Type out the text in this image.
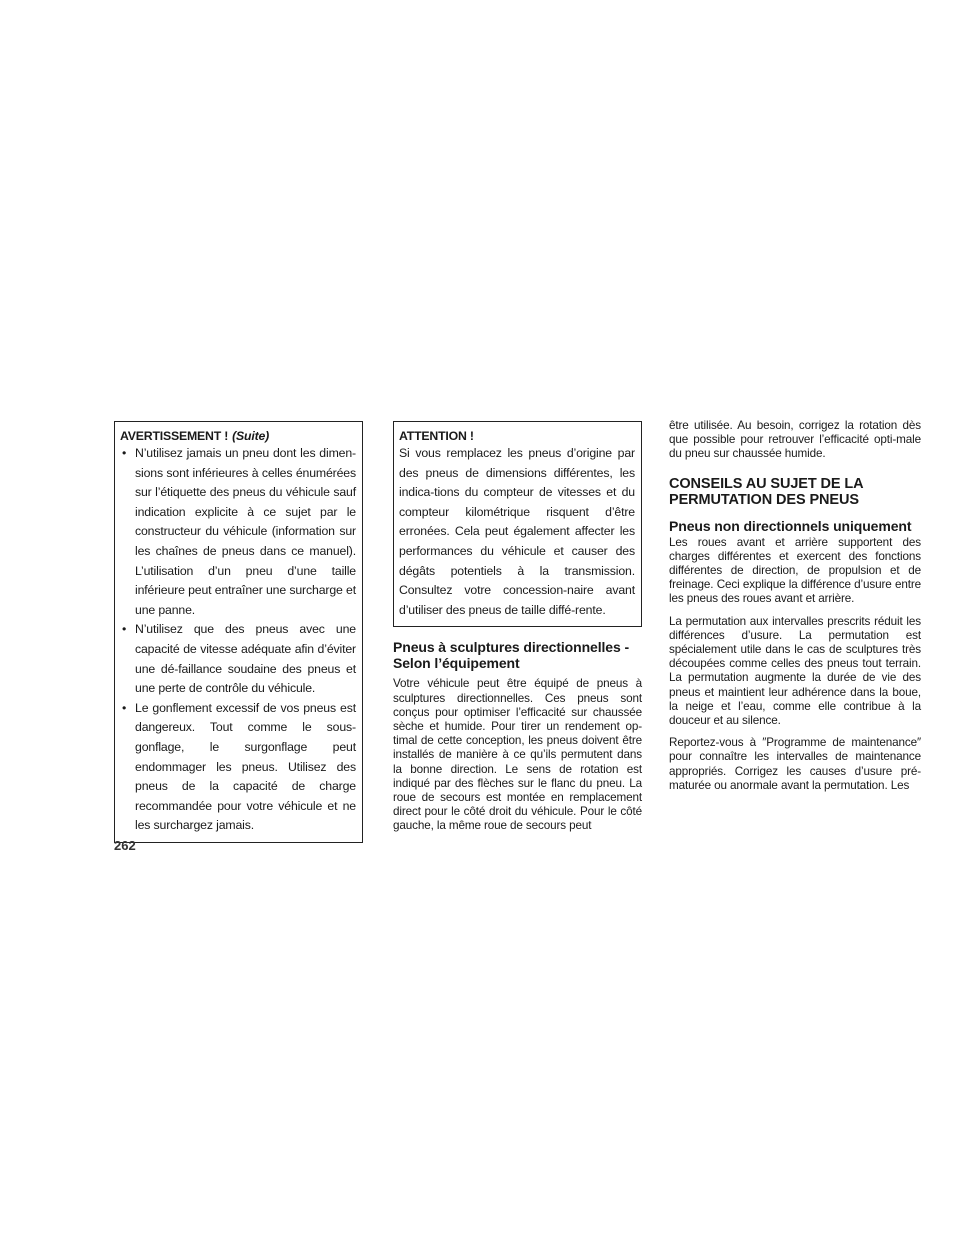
AVERTISSEMENT ! (Suite)
• N’utilisez jamais un pneu dont les dimen-sions sont inférieures à celles énumérées sur l’étiquette des pneus du véhicule sauf indication explicite à ce sujet par le constructeur du véhicule (information sur les chaînes de pneus dans ce manuel). L’utilisation d’un pneu d’une taille inférieure peut entraîner une surcharge et une panne.
• N’utilisez que des pneus avec une capacité de vitesse adéquate afin d’éviter une dé-faillance soudaine des pneus et une perte de contrôle du véhicule.
• Le gonflement excessif de vos pneus est dangereux. Tout comme le sous-gonflage, le surgonflage peut endommager les pneus. Utilisez des pneus de la capacité de charge recommandée pour votre véhicule et ne les surchargez jamais.
ATTENTION !
Si vous remplacez les pneus d’origine par des pneus de dimensions différentes, les indica-tions du compteur de vitesses et du compteur kilométrique risquent d’être erronées. Cela peut également affecter les performances du véhicule et causer des dégâts potentiels à la transmission. Consultez votre concession-naire avant d’utiliser des pneus de taille diffé-rente.
Pneus à sculptures directionnelles - Selon l’équipement

Votre véhicule peut être équipé de pneus à sculptures directionnelles. Ces pneus sont conçus pour optimiser l’efficacité sur chaussée sèche et humide. Pour tirer un rendement op-timal de cette conception, les pneus doivent être installés de manière à ce qu’ils permutent dans la bonne direction. Le sens de rotation est indiqué par des flèches sur le flanc du pneu. La roue de secours est montée en remplacement direct pour le côté droit du véhicule. Pour le côté gauche, la même roue de secours peut

être utilisée. Au besoin, corrigez la rotation dès que possible pour retrouver l’efficacité opti-male du pneu sur chaussée humide.

CONSEILS AU SUJET DE LA PERMUTATION DES PNEUS
Pneus non directionnels uniquement

Les roues avant et arrière supportent des charges différentes et exercent des fonctions différentes de direction, de propulsion et de freinage. Ceci explique la différence d’usure entre les pneus des roues avant et arrière.

La permutation aux intervalles prescrits réduit les différences d’usure. La permutation est spécialement utile dans le cas de sculptures très découpées comme celles des pneus tout terrain. La permutation augmente la durée de vie des pneus et maintient leur adhérence dans la boue, la neige et l’eau, comme elle contribue à la douceur et au silence.

Reportez-vous à ″Programme de maintenance″ pour connaître les intervalles de maintenance appropriés. Corrigez les causes d’usure pré-maturée ou anormale avant la permutation. Les

262
